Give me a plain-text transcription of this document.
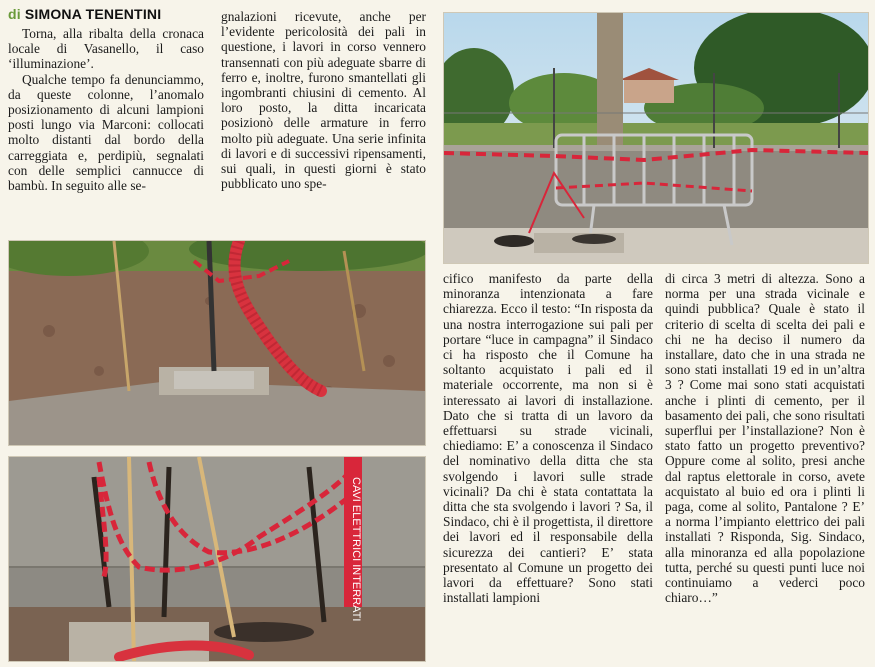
di SIMONA TENENTINI

Torna, alla ribalta della cronaca locale di Vasanello, il caso ‘illuminazione’.

Qualche tempo fa denunciammo, da queste colonne, l’anomalo posizionamento di alcuni lampioni posti lungo via Marconi: collocati molto distanti dal bordo della carreggiata e, perdipiù, segnalati con delle semplici cannucce di bambù. In seguito alle se-

gnalazioni ricevute, anche per l’evidente pericolosità dei pali in questione, i lavori in corso vennero transennati con più adeguate sbarre di ferro e, inoltre, furono smantellati gli ingombranti chiusini di cemento. Al loro posto, la ditta incaricata posizionò delle armature in ferro molto più adeguate. Una serie infinita di lavori e di successivi ripensamenti, sui quali, in questi giorni è stato pubblicato uno spe-

cifico manifesto da parte della minoranza intenzionata a fare chiarezza. Ecco il testo: “In risposta da una nostra interrogazione sui pali per portare “luce in campagna” il Sindaco ci ha risposto che il Comune ha soltanto acquistato i pali ed il materiale occorrente, ma non si è interessato ai lavori di installazione. Dato che si tratta di un lavoro da effettuarsi su strade vicinali, chiediamo: E’ a conoscenza il Sindaco del nominativo della ditta che sta svolgendo i lavori sulle strade vicinali? Da chi è stata contattata la ditta che sta svolgendo i lavori ? Sa, il Sindaco, chi è il progettista, il direttore dei lavori ed il responsabile della sicurezza dei cantieri? E’ stata presentato al Comune un progetto dei lavori da effettuare? Sono stati installati lampioni

di circa 3 metri di altezza. Sono a norma per una strada vicinale e quindi pubblica? Quale è stato il criterio di scelta di scelta dei pali e chi ne ha deciso il numero da installare, dato che in una strada ne sono stati installati 19 ed in un’altra 3 ? Come mai sono stati acquistati anche i plinti di cemento, per il basamento dei pali, che sono risultati superflui per l’installazione? Non è stato fatto un progetto preventivo? Oppure come al solito, presi anche dal raptus elettorale in corso, avete acquistato al buio ed ora i plinti li paga, come al solito, Pantalone ? E’ a norma l’impianto elettrico dei pali installati ? Risponda, Sig. Sindaco, alla minoranza ed alla popolazione tutta, perché su questi punti luce noi continuiamo a vederci poco chiaro…”

CAVI ELETTRICI INTERRATI
